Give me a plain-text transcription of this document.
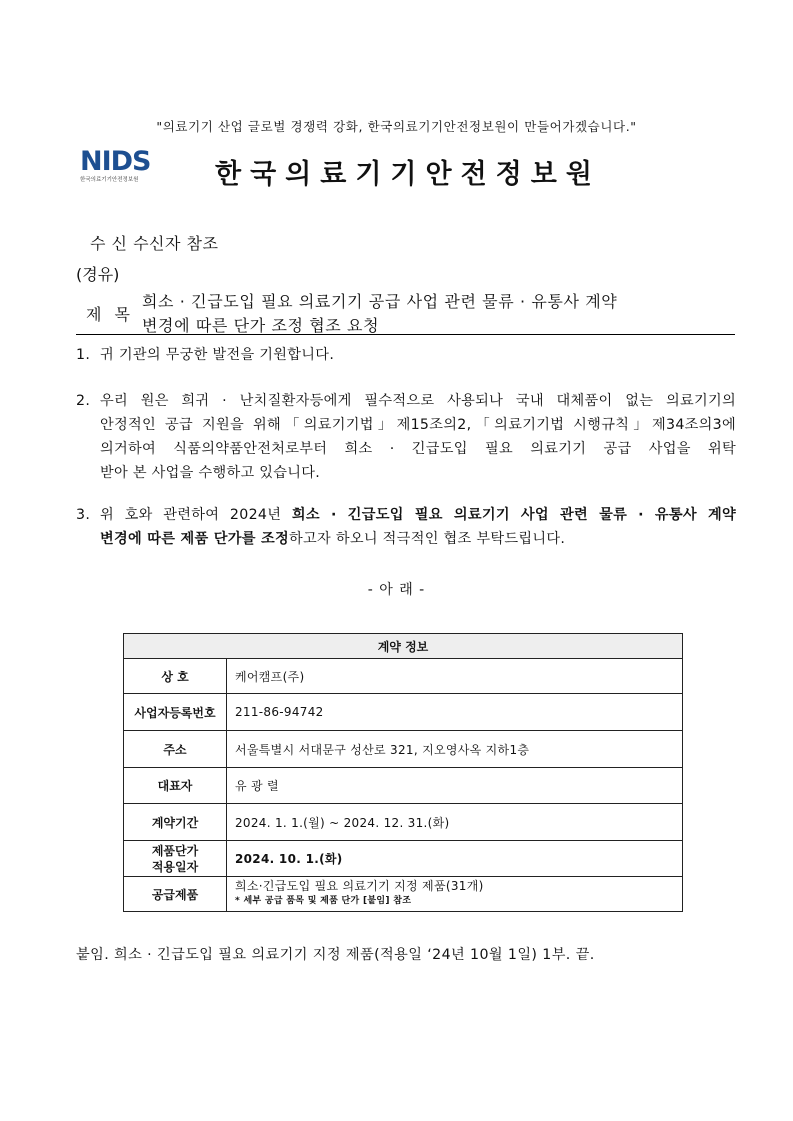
"의료기기 산업 글로벌 경쟁력 강화, 한국의료기기안전정보원이 만들어가겠습니다."
NIDS
한국의료기기안전정보원	한국의료기기안전정보원
수 신 수신자 참조
(경유)
제 목
희소 · 긴급도입 필요 의료기기 공급 사업 관련 물류 · 유통사 계약
변경에 따른 단가 조정 협조 요청
1. 귀 기관의 무궁한 발전을 기원합니다.
2. 우리 원은 희귀 · 난치질환자등에게 필수적으로 사용되나 국내 대체품이 없는 의료기기의
안정적인 공급 지원을 위해「의료기기법」제15조의2,「의료기기법 시행규칙」제34조의3에
의거하여 식품의약품안전처로부터 희소 · 긴급도입 필요 의료기기 공급 사업을 위탁
받아 본 사업을 수행하고 있습니다.
3. 위 호와 관련하여 2024년 희소 · 긴급도입 필요 의료기기 사업 관련 물류 · 유통사 계약
변경에 따른 제품 단가를 조정하고자 하오니 적극적인 협조 부탁드립니다.
- 아 래 -
계약 정보	
상 호	케어캠프(주)
사업자등록번호	211-86-94742
주소	서울특별시 서대문구 성산로 321, 지오영사옥 지하1층
대표자	유 광 렬
계약기간	2024. 1. 1.(월) ~ 2024. 12. 31.(화)

제품단가
적용일자	2024. 10. 1.(화)
공급제품	희소·긴급도입 필요 의료기기 지정 제품(31개)
* 세부 공급 품목 및 제품 단가 [붙임] 참조
붙임. 희소 · 긴급도입 필요 의료기기 지정 제품(적용일 ‘24년 10월 1일) 1부. 끝.
